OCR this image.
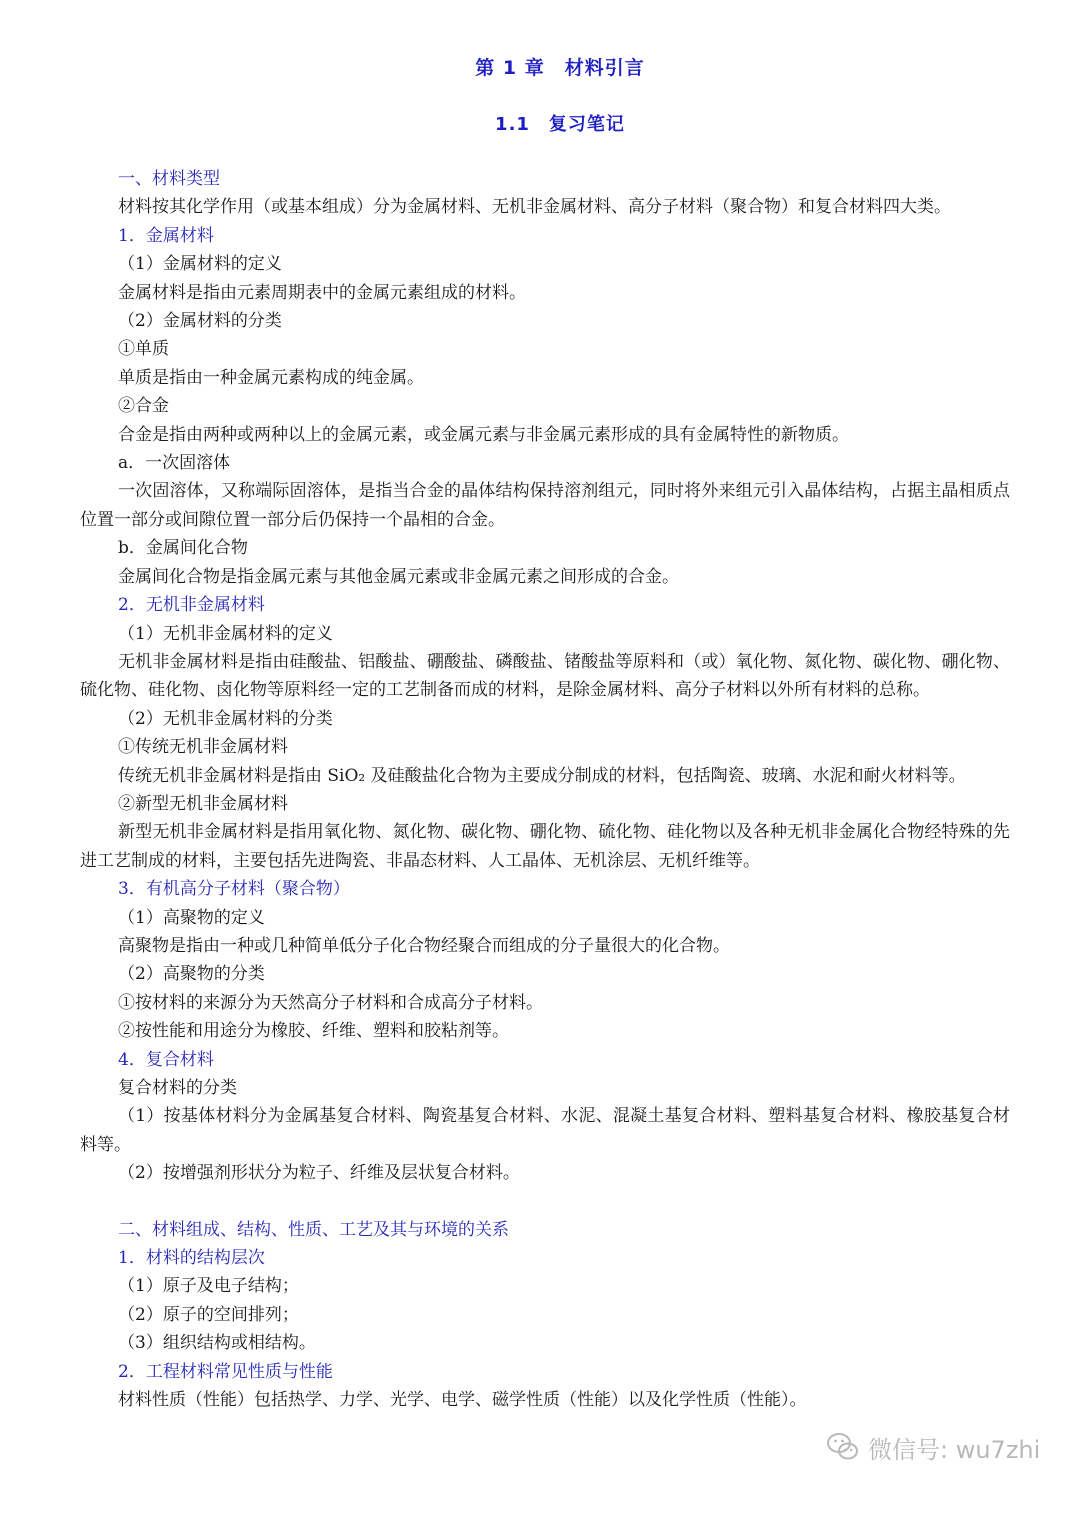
第 1 章　材料引言
1.1　复习笔记
一、材料类型
材料按其化学作用（或基本组成）分为金属材料、无机非金属材料、高分子材料（聚合物）和复合材料四大类。
1．金属材料
（1）金属材料的定义
金属材料是指由元素周期表中的金属元素组成的材料。
（2）金属材料的分类
①单质
单质是指由一种金属元素构成的纯金属。
②合金
合金是指由两种或两种以上的金属元素，或金属元素与非金属元素形成的具有金属特性的新物质。
a．一次固溶体
一次固溶体，又称端际固溶体，是指当合金的晶体结构保持溶剂组元，同时将外来组元引入晶体结构，占据主晶相质点位置一部分或间隙位置一部分后仍保持一个晶相的合金。
b．金属间化合物
金属间化合物是指金属元素与其他金属元素或非金属元素之间形成的合金。
2．无机非金属材料
（1）无机非金属材料的定义
无机非金属材料是指由硅酸盐、铝酸盐、硼酸盐、磷酸盐、锗酸盐等原料和（或）氧化物、氮化物、碳化物、硼化物、硫化物、硅化物、卤化物等原料经一定的工艺制备而成的材料，是除金属材料、高分子材料以外所有材料的总称。
（2）无机非金属材料的分类
①传统无机非金属材料
传统无机非金属材料是指由 SiO₂ 及硅酸盐化合物为主要成分制成的材料，包括陶瓷、玻璃、水泥和耐火材料等。
②新型无机非金属材料
新型无机非金属材料是指用氧化物、氮化物、碳化物、硼化物、硫化物、硅化物以及各种无机非金属化合物经特殊的先进工艺制成的材料，主要包括先进陶瓷、非晶态材料、人工晶体、无机涂层、无机纤维等。
3．有机高分子材料（聚合物）
（1）高聚物的定义
高聚物是指由一种或几种简单低分子化合物经聚合而组成的分子量很大的化合物。
（2）高聚物的分类
①按材料的来源分为天然高分子材料和合成高分子材料。
②按性能和用途分为橡胶、纤维、塑料和胶粘剂等。
4．复合材料
复合材料的分类
（1）按基体材料分为金属基复合材料、陶瓷基复合材料、水泥、混凝土基复合材料、塑料基复合材料、橡胶基复合材料等。
（2）按增强剂形状分为粒子、纤维及层状复合材料。
二、材料组成、结构、性质、工艺及其与环境的关系
1．材料的结构层次
（1）原子及电子结构；
（2）原子的空间排列；
（3）组织结构或相结构。
2．工程材料常见性质与性能
材料性质（性能）包括热学、力学、光学、电学、磁学性质（性能）以及化学性质（性能）。
微信号: wu7zhi
